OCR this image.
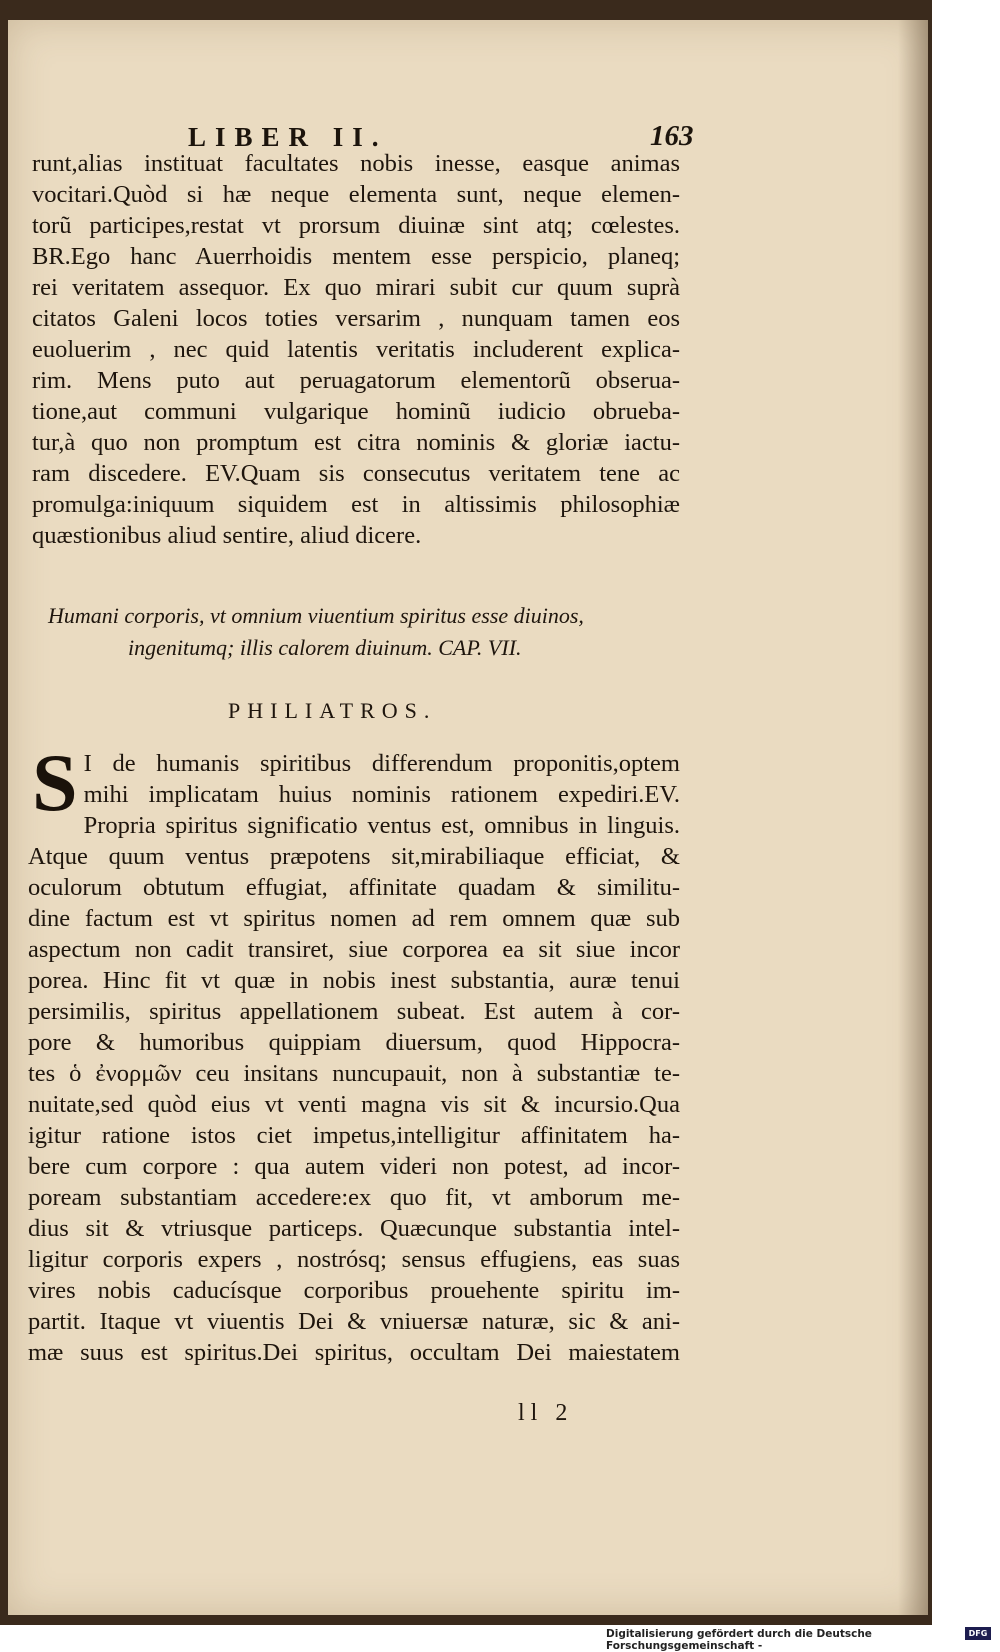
LIBER II.	163
runt,alias instituat facultates nobis inesse, easque animas
vocitari.Quòd si hæ neque elementa sunt, neque elemen-
torũ participes,restat vt prorsum diuinæ sint atq; cœlestes.
BR.Ego hanc Auerrhoidis mentem esse perspicio, planeq;
rei veritatem assequor. Ex quo mirari subit cur quum suprà
citatos Galeni locos toties versarim , nunquam tamen eos
euoluerim , nec quid latentis veritatis includerent explica-
rim. Mens puto aut peruagatorum elementorũ obserua-
tione,aut communi vulgarique hominũ iudicio obrueba-
tur,à quo non promptum est citra nominis & gloriæ iactu-
ram discedere. EV.Quam sis consecutus veritatem tene ac
promulga:iniquum siquidem est in altissimis philosophiæ
quæstionibus aliud sentire, aliud dicere.
Humani corporis, vt omnium viuentium spiritus esse diuinos,
ingenitumq; illis calorem diuinum. CAP. VII.
PHILIATROS.
S I de humanis spiritibus differendum proponitis,optem
mihi implicatam huius nominis rationem expediri.EV.
Propria spiritus significatio ventus est, omnibus in linguis.
Atque quum ventus præpotens sit,mirabiliaque efficiat, &
oculorum obtutum effugiat, affinitate quadam & similitu-
dine factum est vt spiritus nomen ad rem omnem quæ sub
aspectum non cadit transiret, siue corporea ea sit siue incor
porea. Hinc fit vt quæ in nobis inest substantia, auræ tenui
persimilis, spiritus appellationem subeat. Est autem à cor-
pore & humoribus quippiam diuersum, quod Hippocra-
tes ὁ ἐνορμῶν ceu insitans nuncupauit, non à substantiæ te-
nuitate,sed quòd eius vt venti magna vis sit & incursio.Qua
igitur ratione istos ciet impetus,intelligitur affinitatem ha-
bere cum corpore : qua autem videri non potest, ad incor-
poream substantiam accedere:ex quo fit, vt amborum me-
dius sit & vtriusque particeps. Quæcunque substantia intel-
ligitur corporis expers , nostrósq; sensus effugiens, eas suas
vires nobis caducísque corporibus prouehente spiritu im-
partit. Itaque vt viuentis Dei & vniuersæ naturæ, sic & ani-
mæ suus est spiritus.Dei spiritus, occultam Dei maiestatem
ll 2
Digitalisierung gefördert durch die Deutsche Forschungsgemeinschaft -
DFG
